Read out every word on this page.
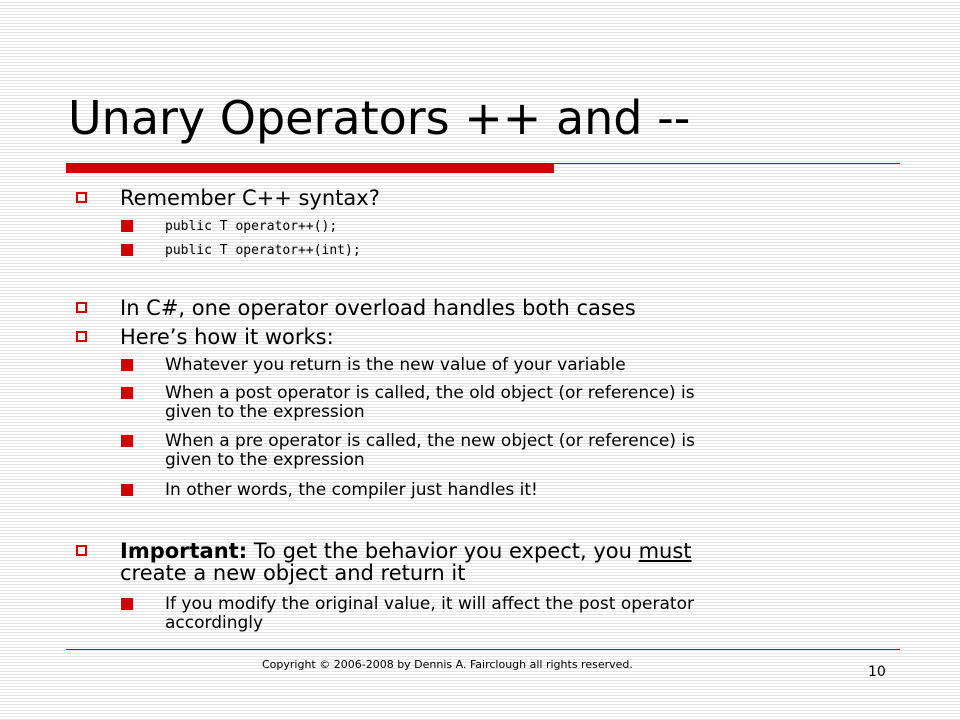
Unary Operators ++ and --
Remember C++ syntax?
public T operator++();
public T operator++(int);
In C#, one operator overload handles both cases
Here’s how it works:
Whatever you return is the new value of your variable
When a post operator is called, the old object (or reference) is
given to the expression
When a pre operator is called, the new object (or reference) is
given to the expression
In other words, the compiler just handles it!
Important: To get the behavior you expect, you must
create a new object and return it
If you modify the original value, it will affect the post operator
accordingly
Copyright © 2006-2008 by Dennis A. Fairclough all rights reserved.	10
